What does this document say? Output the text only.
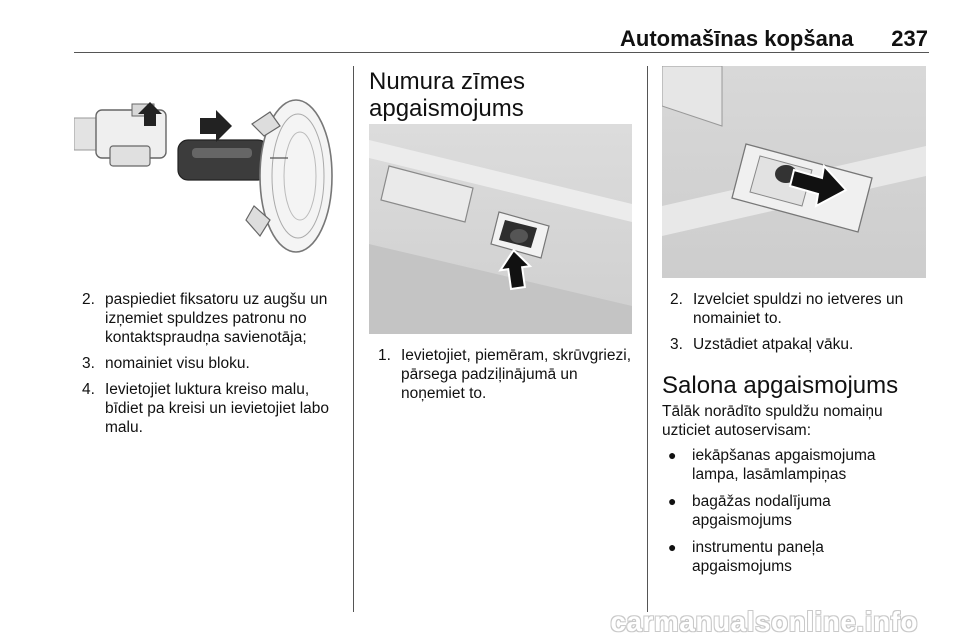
Automašīnas kopšana	237
2. paspiediet fiksatoru uz augšu un izņemiet spuldzes patronu no kontaktspraudņa savienotāja;
3. nomainiet visu bloku.
4. Ievietojiet luktura kreiso malu, bīdiet pa kreisi un ievietojiet labo malu.
Numura zīmes
apgaismojums
1. Ievietojiet, piemēram, skrūvgriezi, pārsega padziļinājumā un noņemiet to.
2. Izvelciet spuldzi no ietveres un nomainiet to.
3. Uzstādiet atpakaļ vāku.
Salona apgaismojums

Tālāk norādīto spuldžu nomaiņu uzticiet autoservisam:

● iekāpšanas apgaismojuma lampa, lasāmlampiņas
● bagāžas nodalījuma apgaismojums
● instrumentu paneļa apgaismojums
carmanualsonline.info
